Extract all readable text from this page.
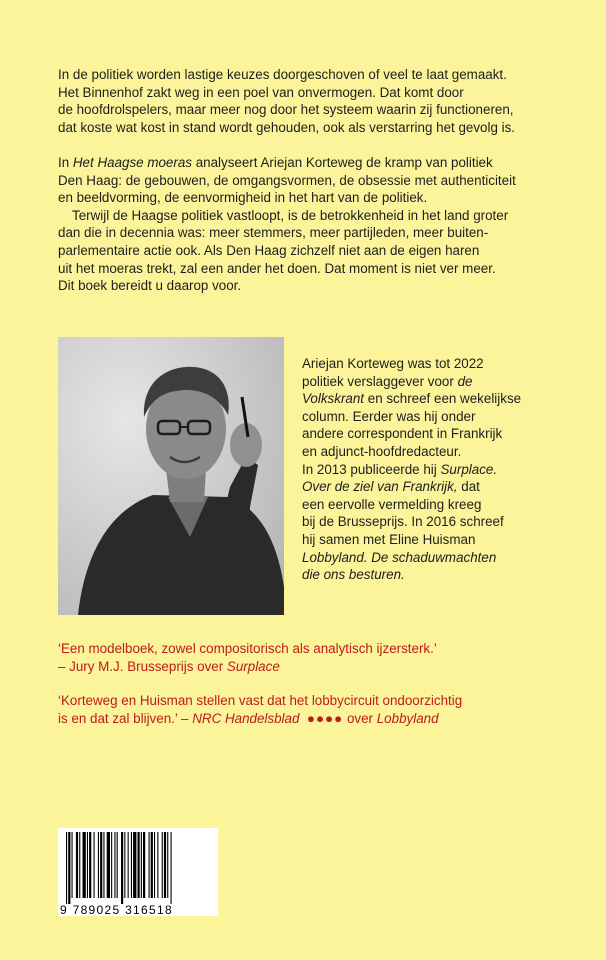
In de politiek worden lastige keuzes doorgeschoven of veel te laat gemaakt.
Het Binnenhof zakt weg in een poel van onvermogen. Dat komt door
de hoofdrolspelers, maar meer nog door het systeem waarin zij functioneren,
dat koste wat kost in stand wordt gehouden, ook als verstarring het gevolg is.
In Het Haagse moeras analyseert Ariejan Korteweg de kramp van politiek
Den Haag: de gebouwen, de omgangsvormen, de obsessie met authenticiteit
en beeldvorming, de eenvormigheid in het hart van de politiek.
Terwijl de Haagse politiek vastloopt, is de betrokkenheid in het land groter
dan die in decennia was: meer stemmers, meer partijleden, meer buiten-
parlementaire actie ook. Als Den Haag zichzelf niet aan de eigen haren
uit het moeras trekt, zal een ander het doen. Dat moment is niet ver meer.
Dit boek bereidt u daarop voor.
Ariejan Korteweg was tot 2022
politiek verslaggever voor de
Volkskrant en schreef een wekelijkse
column. Eerder was hij onder
andere correspondent in Frankrijk
en adjunct-hoofdredacteur.
In 2013 publiceerde hij Surplace.
Over de ziel van Frankrijk, dat
een eervolle vermelding kreeg
bij de Brusseprijs. In 2016 schreef
hij samen met Eline Huisman
Lobbyland. De schaduwmachten
die ons besturen.
‘Een modelboek, zowel compositorisch als analytisch ijzersterk.’
– Jury M.J. Brusseprijs over Surplace
‘Korteweg en Huisman stellen vast dat het lobbycircuit ondoorzichtig
is en dat zal blijven.’ – NRC Handelsblad ●●●● over Lobbyland
9 789025 316518
